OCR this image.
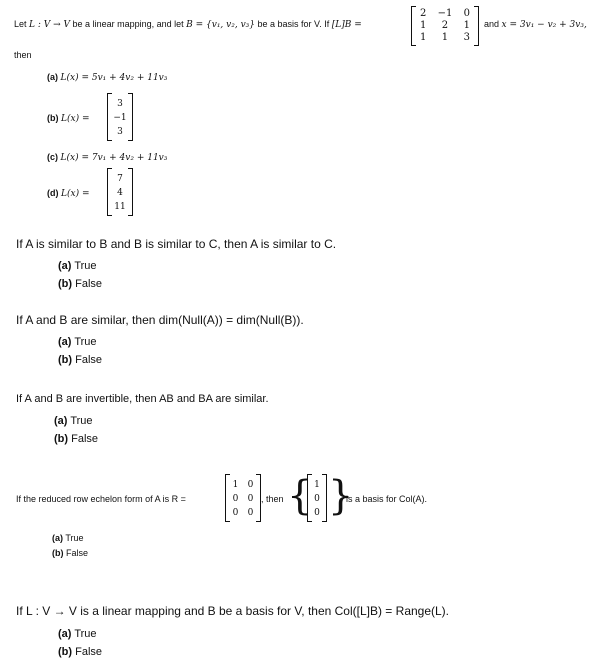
Let L : V → V be a linear mapping, and let B = {v₁, v₂, v₃} be a basis for V. If [L]B =
2	−1	0
1	2	1
1	1	3
and x = 3v₁ − v₂ + 3v₃,
then
(a) L(x) = 5v₁ + 4v₂ + 11v₃
(b) L(x) =
3
−1
3
(c) L(x) = 7v₁ + 4v₂ + 11v₃
(d) L(x) =
7
4
11
If A is similar to B and B is similar to C, then A is similar to C.
(a) True
(b) False
If A and B are similar, then dim(Null(A)) = dim(Null(B)).
(a) True
(b) False
If A and B are invertible, then AB and BA are similar.
(a) True
(b) False
If the reduced row echelon form of A is R =
1	0
0	0
0	0
, then { 1
0
0 }
is a basis for Col(A).
(a) True
(b) False
If L : V → V is a linear mapping and B be a basis for V, then Col([L]B) = Range(L).
(a) True
(b) False
